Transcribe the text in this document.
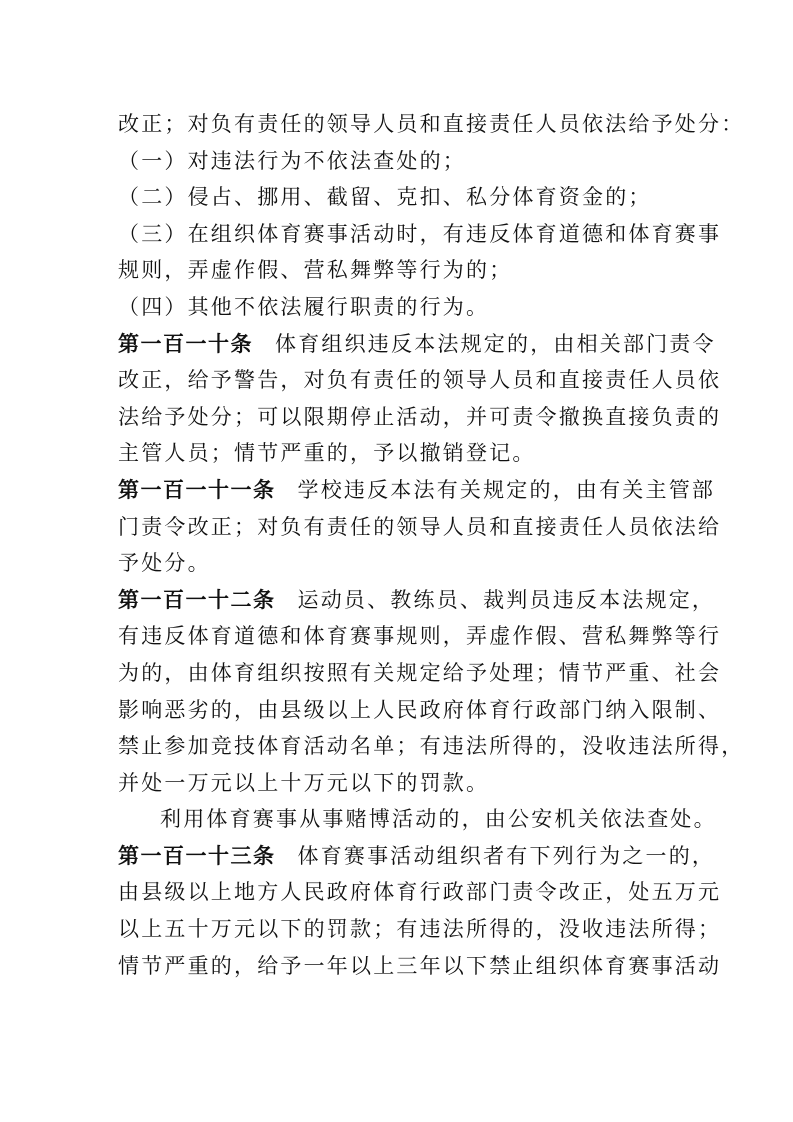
改正；对负有责任的领导人员和直接责任人员依法给予处分：
（一）对违法行为不依法查处的；
（二）侵占、挪用、截留、克扣、私分体育资金的；
（三）在组织体育赛事活动时，有违反体育道德和体育赛事
规则，弄虚作假、营私舞弊等行为的；
（四）其他不依法履行职责的行为。
第一百一十条 体育组织违反本法规定的，由相关部门责令
改正，给予警告，对负有责任的领导人员和直接责任人员依
法给予处分；可以限期停止活动，并可责令撤换直接负责的
主管人员；情节严重的，予以撤销登记。
第一百一十一条 学校违反本法有关规定的，由有关主管部
门责令改正；对负有责任的领导人员和直接责任人员依法给
予处分。
第一百一十二条 运动员、教练员、裁判员违反本法规定，
有违反体育道德和体育赛事规则，弄虚作假、营私舞弊等行
为的，由体育组织按照有关规定给予处理；情节严重、社会
影响恶劣的，由县级以上人民政府体育行政部门纳入限制、
禁止参加竞技体育活动名单；有违法所得的，没收违法所得，
并处一万元以上十万元以下的罚款。
利用体育赛事从事赌博活动的，由公安机关依法查处。
第一百一十三条 体育赛事活动组织者有下列行为之一的，
由县级以上地方人民政府体育行政部门责令改正，处五万元
以上五十万元以下的罚款；有违法所得的，没收违法所得；
情节严重的，给予一年以上三年以下禁止组织体育赛事活动
